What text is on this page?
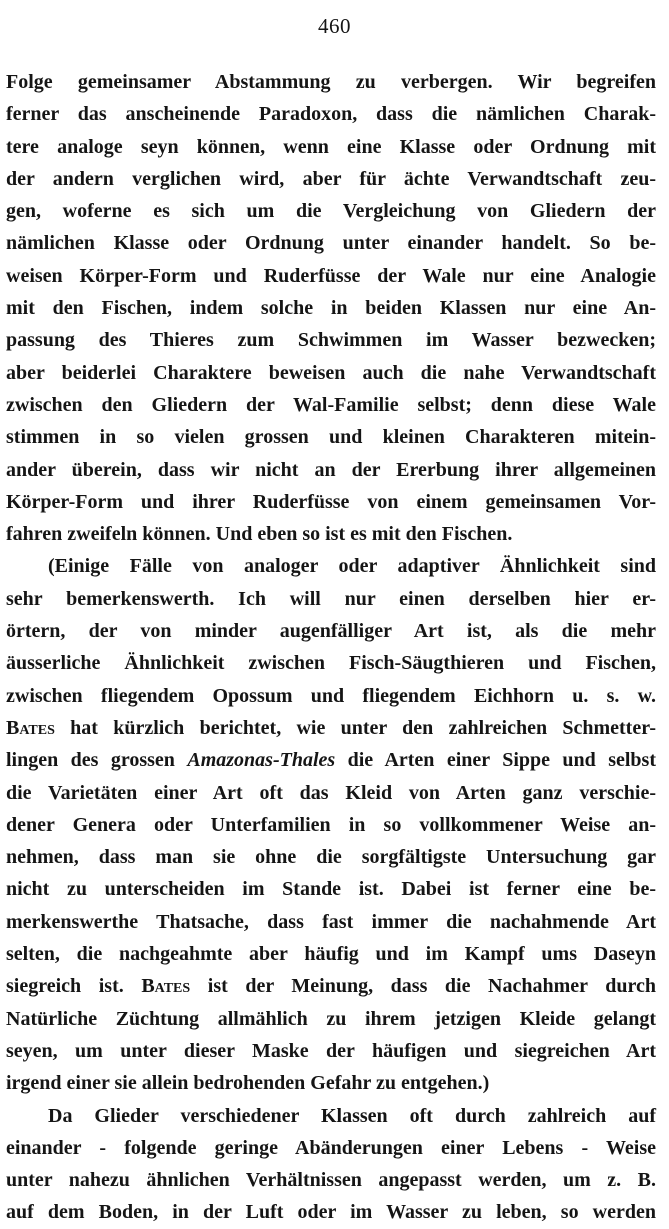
460
Folge gemeinsamer Abstammung zu verbergen. Wir begreifen
ferner das anscheinende Paradoxon, dass die nämlichen Charak-
tere analoge seyn können, wenn eine Klasse oder Ordnung mit
der andern verglichen wird, aber für ächte Verwandtschaft zeu-
gen, woferne es sich um die Vergleichung von Gliedern der
nämlichen Klasse oder Ordnung unter einander handelt. So be-
weisen Körper-Form und Ruderfüsse der Wale nur eine Analogie
mit den Fischen, indem solche in beiden Klassen nur eine An-
passung des Thieres zum Schwimmen im Wasser bezwecken;
aber beiderlei Charaktere beweisen auch die nahe Verwandtschaft
zwischen den Gliedern der Wal-Familie selbst; denn diese Wale
stimmen in so vielen grossen und kleinen Charakteren mitein-
ander überein, dass wir nicht an der Ererbung ihrer allgemeinen
Körper-Form und ihrer Ruderfüsse von einem gemeinsamen Vor-
fahren zweifeln können. Und eben so ist es mit den Fischen.
(Einige Fälle von analoger oder adaptiver Ähnlichkeit sind
sehr bemerkenswerth. Ich will nur einen derselben hier er-
örtern, der von minder augenfälliger Art ist, als die mehr
äusserliche Ähnlichkeit zwischen Fisch-Säugthieren und Fischen,
zwischen fliegendem Opossum und fliegendem Eichhorn u. s. w.
Bates hat kürzlich berichtet, wie unter den zahlreichen Schmetter-
lingen des grossen Amazonas-Thales die Arten einer Sippe und selbst
die Varietäten einer Art oft das Kleid von Arten ganz verschie-
dener Genera oder Unterfamilien in so vollkommener Weise an-
nehmen, dass man sie ohne die sorgfältigste Untersuchung gar
nicht zu unterscheiden im Stande ist. Dabei ist ferner eine be-
merkenswerthe Thatsache, dass fast immer die nachahmende Art
selten, die nachgeahmte aber häufig und im Kampf ums Daseyn
siegreich ist. Bates ist der Meinung, dass die Nachahmer durch
Natürliche Züchtung allmählich zu ihrem jetzigen Kleide gelangt
seyen, um unter dieser Maske der häufigen und siegreichen Art
irgend einer sie allein bedrohenden Gefahr zu entgehen.)
Da Glieder verschiedener Klassen oft durch zahlreich auf
einander - folgende geringe Abänderungen einer Lebens - Weise
unter nahezu ähnlichen Verhältnissen angepasst werden, um z. B.
auf dem Boden, in der Luft oder im Wasser zu leben, so werden
